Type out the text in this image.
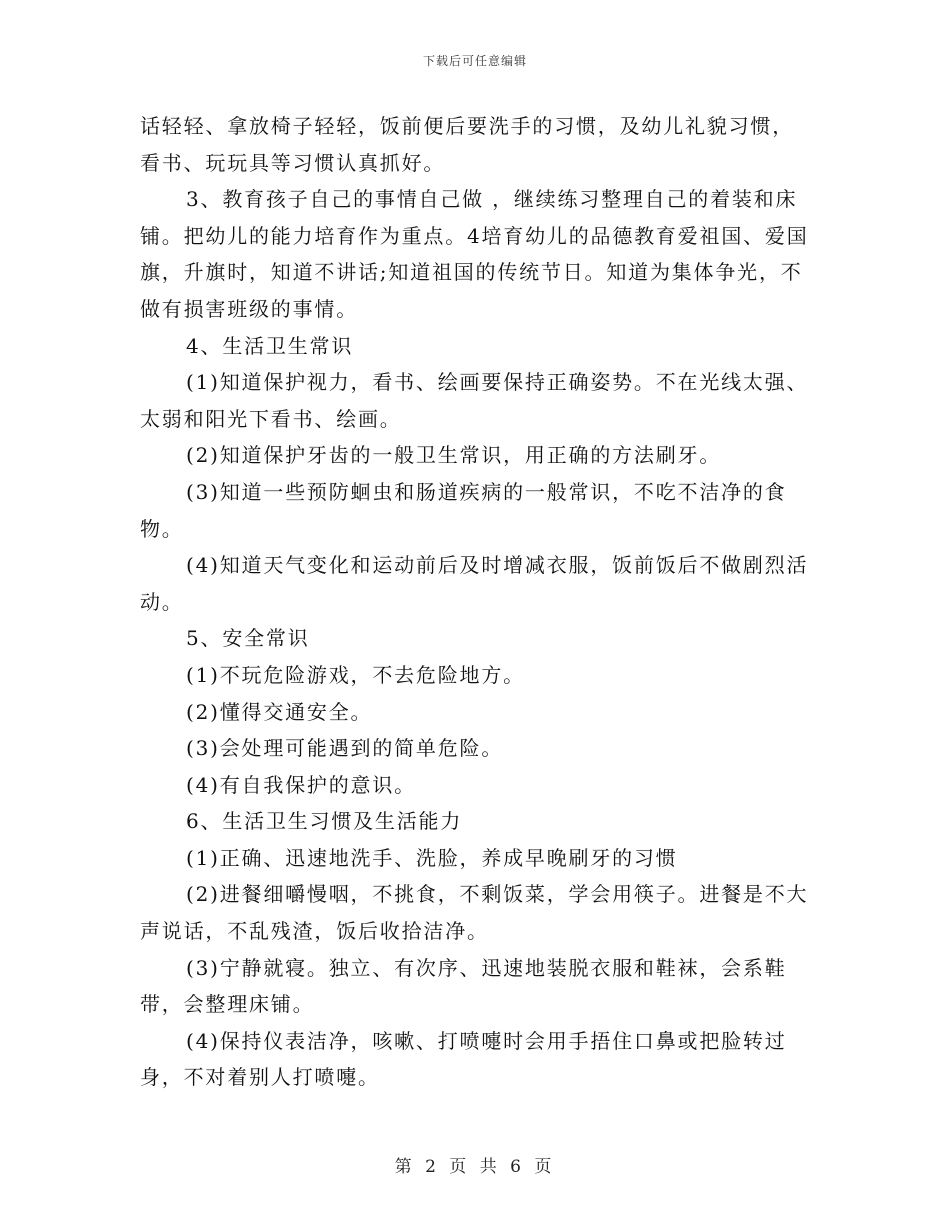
下载后可任意编辑

话轻轻、拿放椅子轻轻，饭前便后要洗手的习惯，及幼儿礼貌习惯，看书、玩玩具等习惯认真抓好。

3、教育孩子自己的事情自己做 ，继续练习整理自己的着装和床铺。把幼儿的能力培育作为重点。4培育幼儿的品德教育爱祖国、爱国旗，升旗时，知道不讲话;知道祖国的传统节日。知道为集体争光，不做有损害班级的事情。

4、生活卫生常识

(1)知道保护视力，看书、绘画要保持正确姿势。不在光线太强、太弱和阳光下看书、绘画。

(2)知道保护牙齿的一般卫生常识，用正确的方法刷牙。

(3)知道一些预防蛔虫和肠道疾病的一般常识，不吃不洁净的食物。

(4)知道天气变化和运动前后及时增减衣服，饭前饭后不做剧烈活动。

5、安全常识

(1)不玩危险游戏，不去危险地方。

(2)懂得交通安全。

(3)会处理可能遇到的简单危险。

(4)有自我保护的意识。

6、生活卫生习惯及生活能力

(1)正确、迅速地洗手、洗脸，养成早晚刷牙的习惯

(2)进餐细嚼慢咽，不挑食，不剩饭菜，学会用筷子。进餐是不大声说话，不乱残渣，饭后收拾洁净。

(3)宁静就寝。独立、有次序、迅速地装脱衣服和鞋袜，会系鞋带，会整理床铺。

(4)保持仪表洁净，咳嗽、打喷嚏时会用手捂住口鼻或把脸转过身，不对着别人打喷嚏。

第 2 页 共 6 页
